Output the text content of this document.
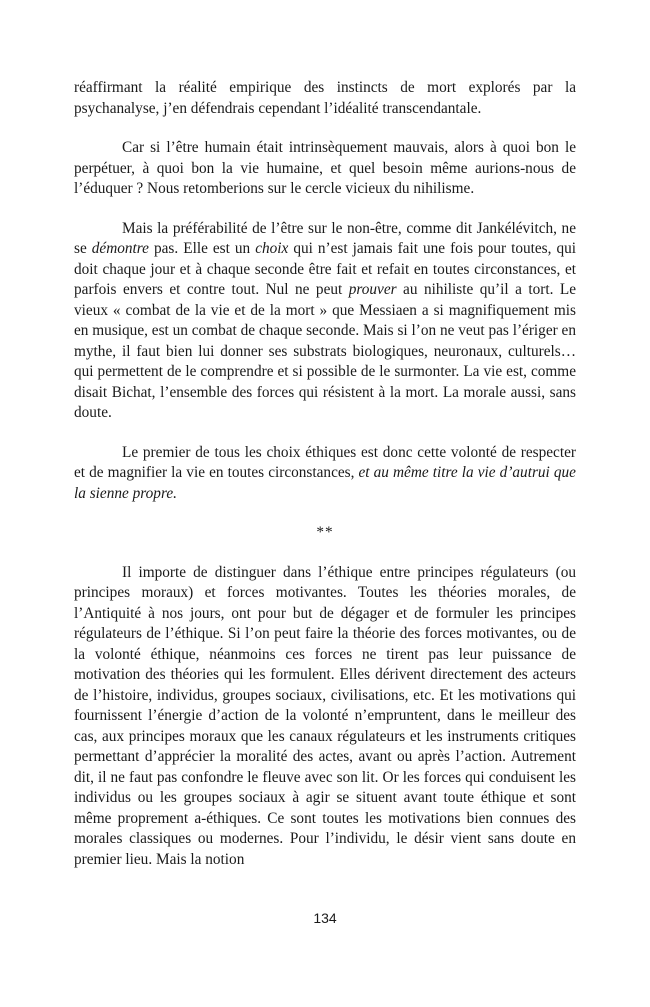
réaffirmant la réalité empirique des instincts de mort explorés par la psychanalyse, j’en défendrais cependant l’idéalité transcendantale.

Car si l’être humain était intrinsèquement mauvais, alors à quoi bon le perpétuer, à quoi bon la vie humaine, et quel besoin même aurions-nous de l’éduquer ? Nous retomberions sur le cercle vicieux du nihilisme.

Mais la préférabilité de l’être sur le non-être, comme dit Jankélévitch, ne se démontre pas. Elle est un choix qui n’est jamais fait une fois pour toutes, qui doit chaque jour et à chaque seconde être fait et refait en toutes circonstances, et parfois envers et contre tout. Nul ne peut prouver au nihiliste qu’il a tort. Le vieux « combat de la vie et de la mort » que Messiaen a si magnifiquement mis en musique, est un combat de chaque seconde. Mais si l’on ne veut pas l’ériger en mythe, il faut bien lui donner ses substrats biologiques, neuronaux, culturels… qui permettent de le comprendre et si possible de le surmonter. La vie est, comme disait Bichat, l’ensemble des forces qui résistent à la mort. La morale aussi, sans doute.

Le premier de tous les choix éthiques est donc cette volonté de respecter et de magnifier la vie en toutes circonstances, et au même titre la vie d’autrui que la sienne propre.

**

Il importe de distinguer dans l’éthique entre principes régulateurs (ou principes moraux) et forces motivantes. Toutes les théories morales, de l’Antiquité à nos jours, ont pour but de dégager et de formuler les principes régulateurs de l’éthique. Si l’on peut faire la théorie des forces motivantes, ou de la volonté éthique, néanmoins ces forces ne tirent pas leur puissance de motivation des théories qui les formulent. Elles dérivent directement des acteurs de l’histoire, individus, groupes sociaux, civilisations, etc. Et les motivations qui fournissent l’énergie d’action de la volonté n’empruntent, dans le meilleur des cas, aux principes moraux que les canaux régulateurs et les instruments critiques permettant d’apprécier la moralité des actes, avant ou après l’action. Autrement dit, il ne faut pas confondre le fleuve avec son lit. Or les forces qui conduisent les individus ou les groupes sociaux à agir se situent avant toute éthique et sont même proprement a-éthiques. Ce sont toutes les motivations bien connues des morales classiques ou modernes. Pour l’individu, le désir vient sans doute en premier lieu. Mais la notion

134
